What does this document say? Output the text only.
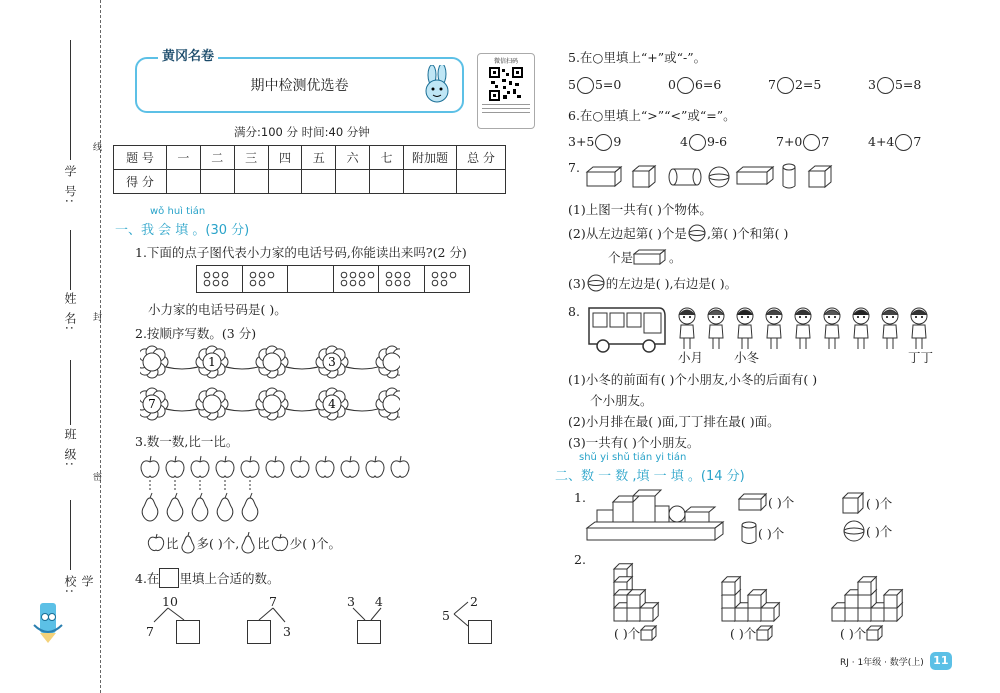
线
封
密
学 号:
姓 名:
班 级:
学 校:
期中检测优选卷
黄冈名卷	微信扫码
满分:100 分 时间:40 分钟
题 号	一	二	三	四	五	六	七	附加题	总 分
得 分									
wǒ huì tián
一、我 会 填 。(30 分)
1.下面的点子图代表小力家的电话号码,你能读出来吗?(2 分)
小力家的电话号码是( )。
2.按顺序写数。(3 分)
1	3
7	4
3.数一数,比一比。
比 多( )个, 比 少( )个。
4.在 里填上合适的数。
10
7
7
3
3 4	2
5
5.在○里填上“+”或“-”。
5 5=0	0 6=6	7 2=5	3 5=8
6.在○里填上“>”“<”或“=”。
3+5 9	4 9-6	7+0 7	4+4 7
7.
(1)上图一共有( )个物体。
(2)从左边起第( )个是 ,第( )个和第( )
个是	。
(3) 的左边是( ),右边是( )。
8.
小月 小冬	丁丁
(1)小冬的前面有( )个小朋友,小冬的后面有( )
个小朋友。
(2)小月排在最( )面,丁丁排在最( )面。
(3)一共有( )个小朋友。
shǔ yi shǔ tián yi tián
二、数 一 数 ,填 一 填 。(14 分)
1.	( )个	( )个
( )个	( )个
2.
( )个	( )个	( )个
RJ · 1年级 · 数学(上) 11
